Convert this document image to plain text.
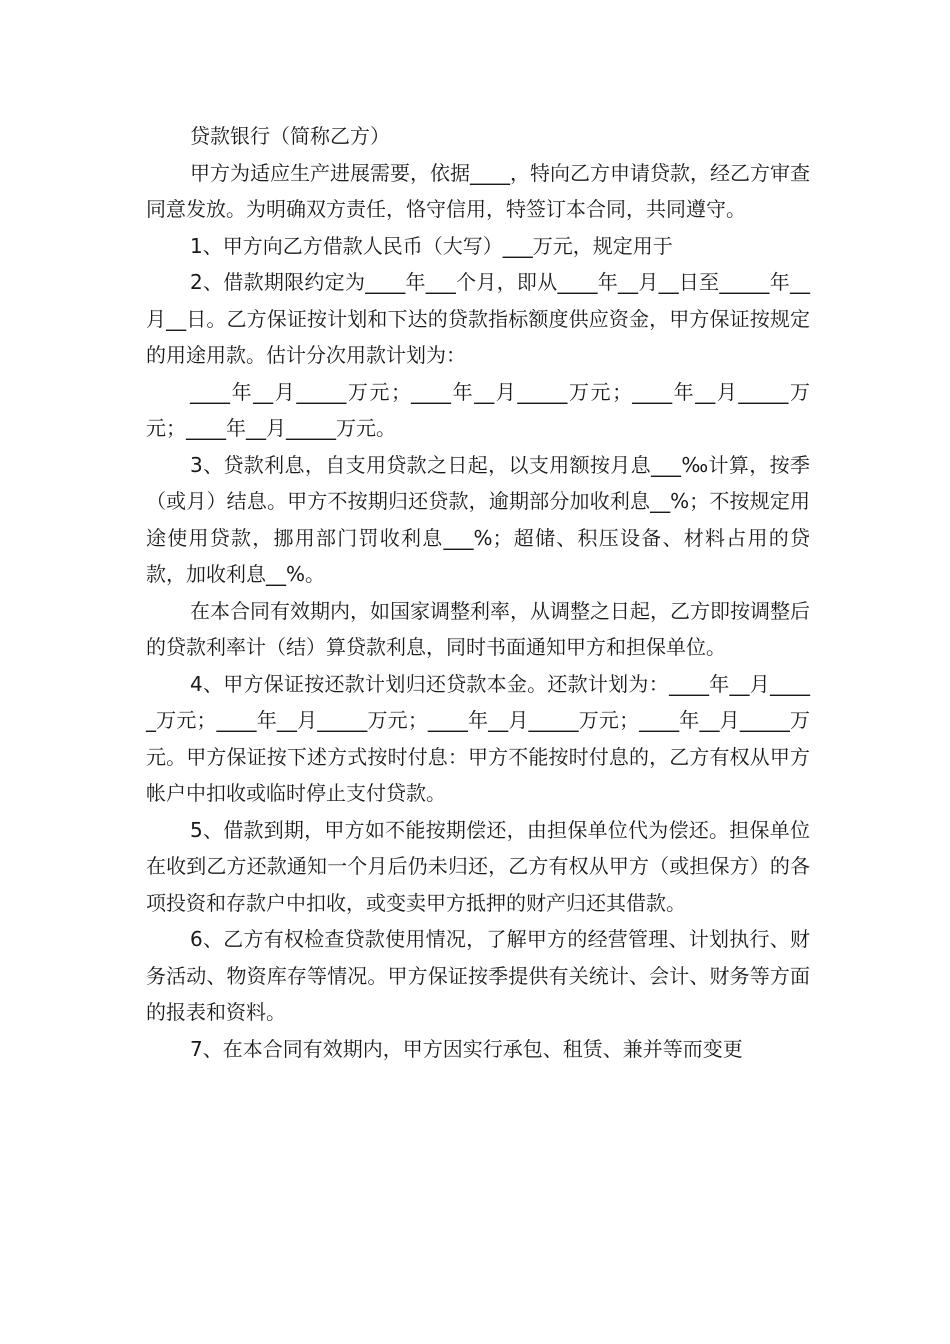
贷款银行（简称乙方）

甲方为适应生产进展需要，依据____，特向乙方申请贷款，经乙方审查同意发放。为明确双方责任，恪守信用，特签订本合同，共同遵守。

1、甲方向乙方借款人民币（大写）___万元，规定用于

2、借款期限约定为____年___个月，即从____年__月__日至_____年__月__日。乙方保证按计划和下达的贷款指标额度供应资金，甲方保证按规定的用途用款。估计分次用款计划为：

____年__月_____万元；____年__月_____万元；____年__月_____万元；____年__月_____万元。

3、贷款利息，自支用贷款之日起，以支用额按月息___‰计算，按季（或月）结息。甲方不按期归还贷款，逾期部分加收利息__%；不按规定用途使用贷款，挪用部门罚收利息___%；超储、积压设备、材料占用的贷款，加收利息__%。

在本合同有效期内，如国家调整利率，从调整之日起，乙方即按调整后的贷款利率计（结）算贷款利息，同时书面通知甲方和担保单位。

4、甲方保证按还款计划归还贷款本金。还款计划为：____年__月_____万元；____年__月_____万元；____年__月_____万元；____年__月_____万元。甲方保证按下述方式按时付息：甲方不能按时付息的，乙方有权从甲方帐户中扣收或临时停止支付贷款。

5、借款到期，甲方如不能按期偿还，由担保单位代为偿还。担保单位在收到乙方还款通知一个月后仍未归还，乙方有权从甲方（或担保方）的各项投资和存款户中扣收，或变卖甲方抵押的财产归还其借款。

6、乙方有权检查贷款使用情况，了解甲方的经营管理、计划执行、财务活动、物资库存等情况。甲方保证按季提供有关统计、会计、财务等方面的报表和资料。

7、在本合同有效期内，甲方因实行承包、租赁、兼并等而变更
